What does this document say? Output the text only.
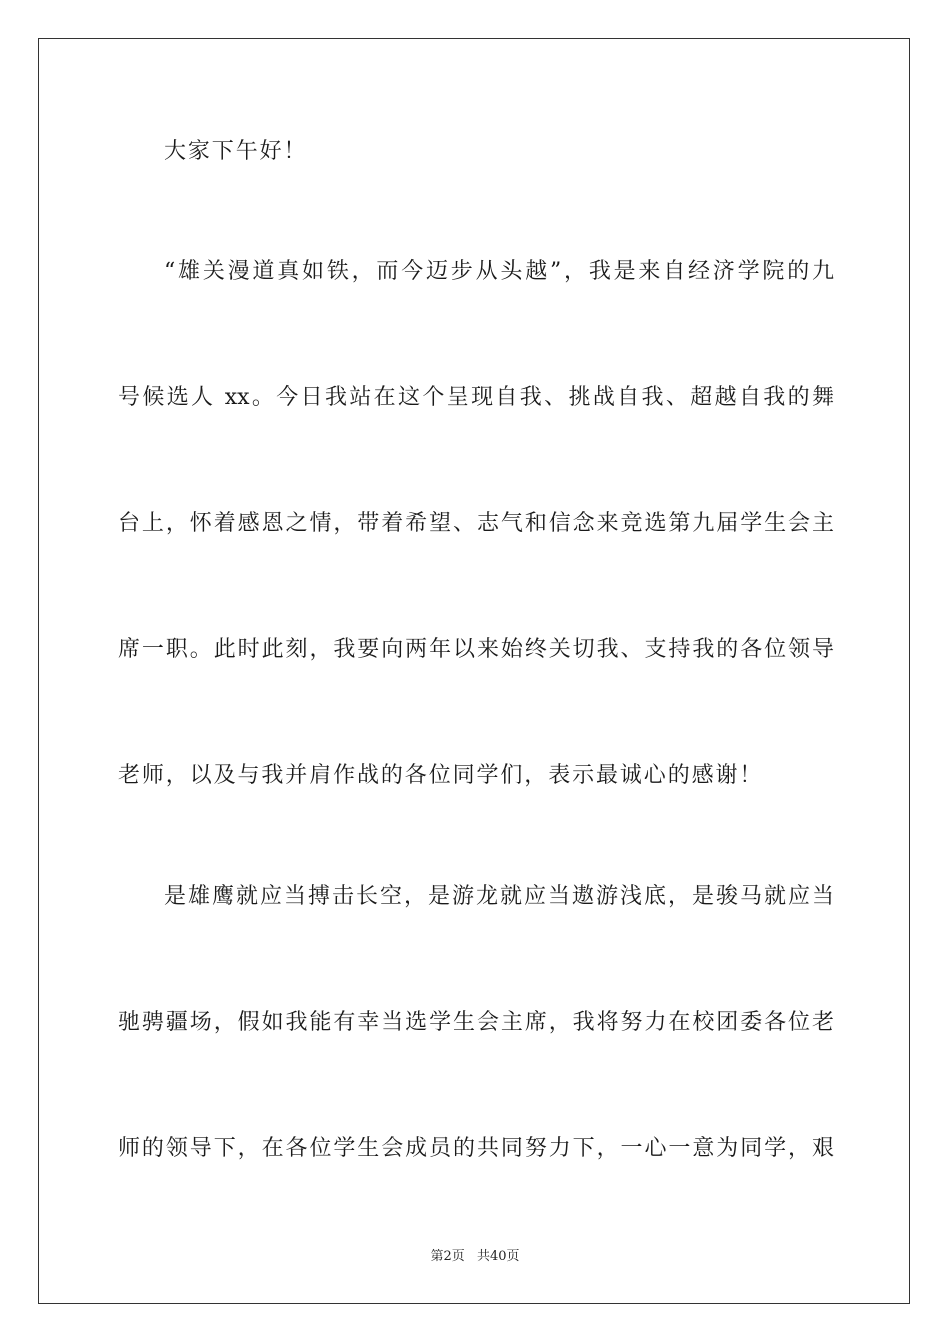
大家下午好！
“雄关漫道真如铁，而今迈步从头越”，我是来自经济学院的九
号候选人 xx。今日我站在这个呈现自我、挑战自我、超越自我的舞
台上，怀着感恩之情，带着希望、志气和信念来竞选第九届学生会主
席一职。此时此刻，我要向两年以来始终关切我、支持我的各位领导
老师，以及与我并肩作战的各位同学们，表示最诚心的感谢！
是雄鹰就应当搏击长空，是游龙就应当遨游浅底，是骏马就应当
驰骋疆场，假如我能有幸当选学生会主席，我将努力在校团委各位老
师的领导下，在各位学生会成员的共同努力下，一心一意为同学，艰
第2页 共40页
